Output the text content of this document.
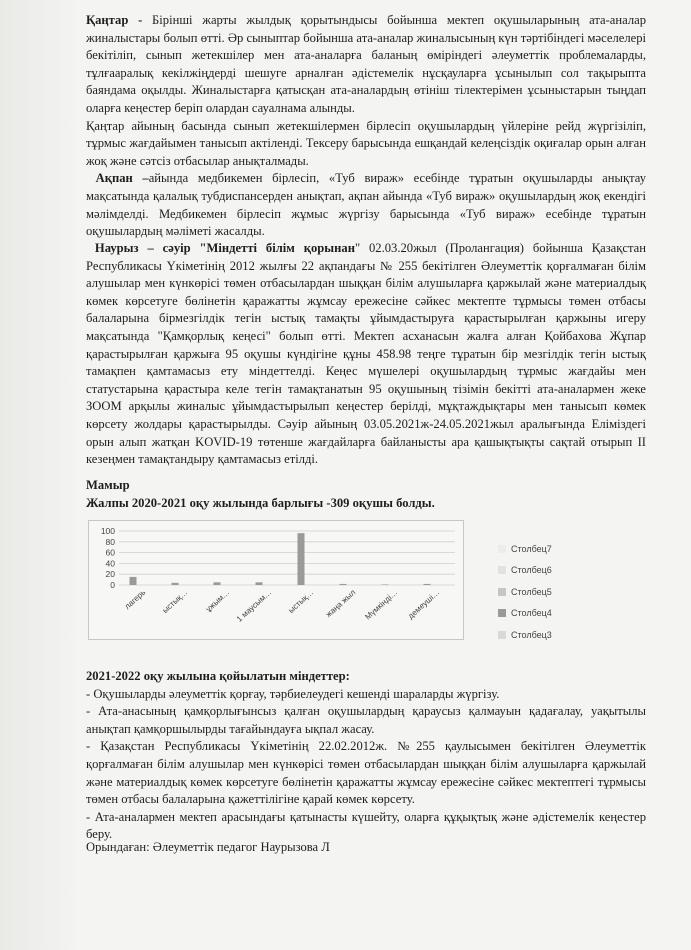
Қаңтар - Бірінші жарты жылдық қорытындысы бойынша мектеп оқушыларының ата-аналар жиналыстары болып өтті. Әр сыныптар бойынша ата-аналар жиналысының күн тәртібіндегі мәселелері бекітіліп, сынып жетекшілер мен ата-аналарға баланың өміріндегі әлеуметтік проблемаларды, тұлғааралық кекілжіңдерді шешуге арналған әдістемелік нұсқауларға ұсынылып сол тақырыпта баяндама оқылды. Жиналыстарға қатысқан ата-аналардың өтініш тілектерімен ұсыныстарын тыңдап оларға кеңестер беріп олардан сауалнама алынды.

Қаңтар айының басында сынып жетекшілермен бірлесіп оқушылардың үйлеріне рейд жүргізіліп, тұрмыс жағдайымен танысып актіленді. Тексеру барысында ешқандай келеңсіздік оқиғалар орын алған жоқ және сәтсіз отбасылар анықталмады.

Ақпан –айында медбикемен бірлесіп, «Туб вираж» есебінде тұратын оқушыларды анықтау мақсатында қалалық тубдиспансерден анықтап, ақпан айында «Туб вираж» оқушылардың жоқ екендігі мәлімделді. Медбикемен бірлесіп жұмыс жүргізу барысында «Туб вираж» есебінде тұратын оқушылардың мәліметі жасалды.

Наурыз – сәуір "Міндетті білім қорынан" 02.03.20жыл (Пролангация) бойынша Қазақстан Республикасы Үкіметінің 2012 жылғы 22 ақпандағы № 255 бекітілген Әлеуметтік қорғалмаған білім алушылар мен күнкөрісі төмен отбасылардан шыққан білім алушыларға қаржылай және материалдық көмек көрсетуге бөлінетін қаражатты жұмсау ережесіне сәйкес мектепте тұрмысы төмен отбасы балаларына бірмезгілдік тегін ыстық тамақты ұйымдастыруға қарастырылған қаржыны игеру мақсатында "Қамқорлық кеңесі" болып өтті. Мектеп асханасын жалға алған Қойбахова Жұпар қарастырылған қаржыға 95 оқушы күндігіне құны 458.98 теңге тұратын бір мезгілдік тегін ыстық тамақпен қамтамасыз ету міндеттелді. Кеңес мүшелері оқушылардың тұрмыс жағдайы мен статустарына қарастыра келе тегін тамақтанатын 95 оқушының тізімін бекітті ата-аналармен жеке ЗООМ арқылы жиналыс ұйымдастырылып кеңестер берілді, мұқтаждықтары мен танысып көмек көрсету жолдары қарастырылды. Сәуір айының 03.05.2021ж-24.05.2021жыл аралығында Еліміздегі орын алып жатқан KOVID-19 төтенше жағдайларға байланысты ара қашықтықты сақтай отырып ІІ кезеңмен тамақтандыру қамтамасыз етілді.

Мамыр

Жалпы 2020-2021 оқу жылында барлығы -309 оқушы болды.

0
20
40
60
80
100
лагерь ыстық… ұжым… 1 маусым… ыстық… жаңа жыл Мүмкінді… демеуші…
Столбец7
Столбец6
Столбец5
Столбец4
Столбец3

2021-2022 оқу жылына қойылатын міндеттер:

- Оқушыларды әлеуметтік қорғау, тәрбиелеудегі кешенді шараларды жүргізу.

- Ата-анасының қамқорлығынсыз қалған оқушылардың қараусыз қалмауын қадағалау, уақытылы анықтап қамқоршылырды тағайындауға ықпал жасау.

- Қазақстан Республикасы Үкіметінің 22.02.2012ж. №255 қаулысымен бекітілген Әлеуметтік қорғалмаған білім алушылар мен күнкөрісі төмен отбасылардан шыққан білім алушыларға қаржылай және материалдық көмек көрсетуге бөлінетін қаражатты жұмсау ережесіне сәйкес мектептегі тұрмысы төмен отбасы балаларына қажеттілігіне қарай көмек көрсету.

- Ата-аналармен мектеп арасындағы қатынасты күшейту, оларға құқықтық және әдістемелік кеңестер беру.

Орындаған: Әлеуметтік педагог Наурызова Л
